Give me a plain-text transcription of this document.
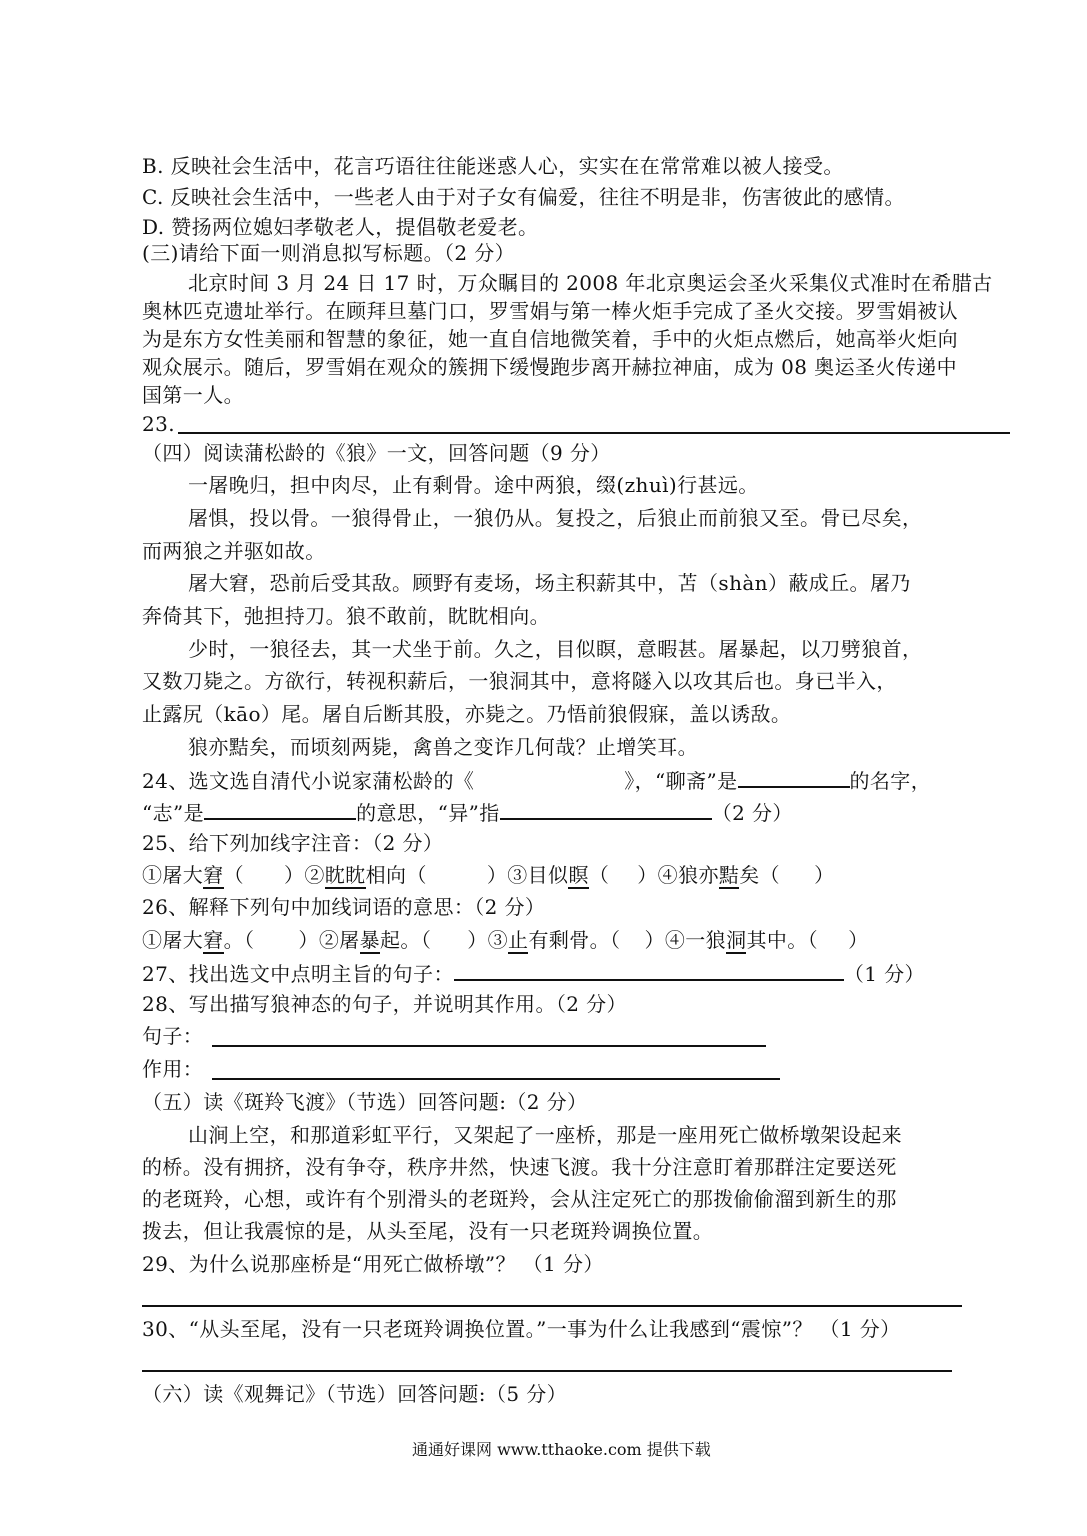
B. 反映社会生活中，花言巧语往往能迷惑人心，实实在在常常难以被人接受。
C. 反映社会生活中，一些老人由于对子女有偏爱，往往不明是非，伤害彼此的感情。
D. 赞扬两位媳妇孝敬老人，提倡敬老爱老。
(三)请给下面一则消息拟写标题。（2 分）
北京时间 3 月 24 日 17 时，万众瞩目的 2008 年北京奥运会圣火采集仪式准时在希腊古
奥林匹克遗址举行。在顾拜旦墓门口，罗雪娟与第一棒火炬手完成了圣火交接。罗雪娟被认
为是东方女性美丽和智慧的象征，她一直自信地微笑着，手中的火炬点燃后，她高举火炬向
观众展示。随后，罗雪娟在观众的簇拥下缓慢跑步离开赫拉神庙，成为 08 奥运圣火传递中
国第一人。
23.
（四）阅读蒲松龄的《狼》一文，回答问题（9 分）
一屠晚归，担中肉尽，止有剩骨。途中两狼，缀(zhuì)行甚远。
屠惧，投以骨。一狼得骨止，一狼仍从。复投之，后狼止而前狼又至。骨已尽矣，
而两狼之并驱如故。
屠大窘，恐前后受其敌。顾野有麦场，场主积薪其中，苫（shàn）蔽成丘。屠乃
奔倚其下，弛担持刀。狼不敢前，眈眈相向。
少时，一狼径去，其一犬坐于前。久之，目似瞑，意暇甚。屠暴起，以刀劈狼首，
又数刀毙之。方欲行，转视积薪后，一狼洞其中，意将隧入以攻其后也。身已半入，
止露尻（kāo）尾。屠自后断其股，亦毙之。乃悟前狼假寐，盖以诱敌。
狼亦黠矣，而顷刻两毙，禽兽之变诈几何哉？止增笑耳。
24、选文选自清代小说家蒲松龄的《	》，“聊斋”是	的名字，
“志”是	的意思，“异”指	（2 分）
25、给下列加线字注音：（2 分）
①屠大窘（ ）②眈眈相向（	）③目似瞑（ ）④狼亦黠矣（ ）
26、解释下列句中加线词语的意思：（2 分）
①屠大窘。（ ）②屠暴起。（ ）③止有剩骨。（ ）④一狼洞其中。（ ）
27、找出选文中点明主旨的句子：	（1 分）
28、写出描写狼神态的句子，并说明其作用。（2 分）
句子：
作用：
（五）读《斑羚飞渡》（节选）回答问题:（2 分）
山涧上空，和那道彩虹平行，又架起了一座桥，那是一座用死亡做桥墩架设起来
的桥。没有拥挤，没有争夺，秩序井然，快速飞渡。我十分注意盯着那群注定要送死
的老斑羚，心想，或许有个别滑头的老斑羚，会从注定死亡的那拨偷偷溜到新生的那
拨去，但让我震惊的是，从头至尾，没有一只老斑羚调换位置。
29、为什么说那座桥是“用死亡做桥墩”？ （1 分）
30、“从头至尾，没有一只老斑羚调换位置。”一事为什么让我感到“震惊”？ （1 分）
（六）读《观舞记》（节选）回答问题:（5 分）
通通好课网 www.tthaoke.com 提供下载
